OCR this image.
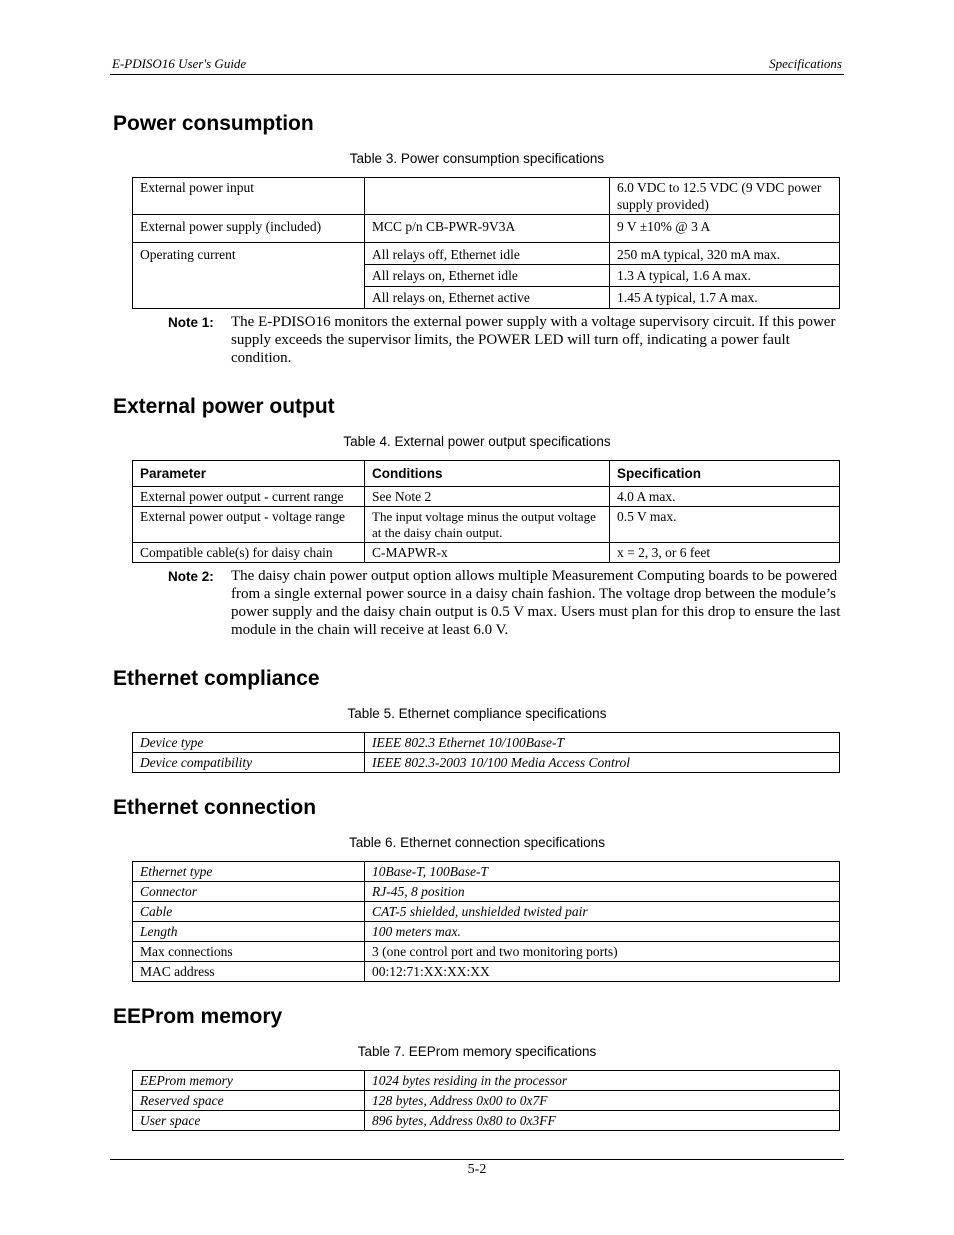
E-PDISO16 User's Guide	Specifications
Power consumption
Table 3. Power consumption specifications
External power input		6.0 VDC to 12.5 VDC (9 VDC power supply provided)
External power supply (included)	MCC p/n CB-PWR-9V3A	9 V ±10% @ 3 A
Operating current	All relays off, Ethernet idle	250 mA typical, 320 mA max.
	All relays on, Ethernet idle	1.3 A typical, 1.6 A max.
	All relays on, Ethernet active	1.45 A typical, 1.7 A max.
Note 1: The E-PDISO16 monitors the external power supply with a voltage supervisory circuit. If this power supply exceeds the supervisor limits, the POWER LED will turn off, indicating a power fault condition.
External power output
Table 4. External power output specifications
Parameter	Conditions	Specification
External power output - current range	See Note 2	4.0 A max.
External power output - voltage range	The input voltage minus the output voltage at the daisy chain output.	0.5 V max.
Compatible cable(s) for daisy chain	C-MAPWR-x	x = 2, 3, or 6 feet
Note 2: The daisy chain power output option allows multiple Measurement Computing boards to be powered from a single external power source in a daisy chain fashion. The voltage drop between the module’s power supply and the daisy chain output is 0.5 V max. Users must plan for this drop to ensure the last module in the chain will receive at least 6.0 V.
Ethernet compliance
Table 5. Ethernet compliance specifications
Device type	IEEE 802.3 Ethernet 10/100Base-T
Device compatibility	IEEE 802.3-2003 10/100 Media Access Control
Ethernet connection
Table 6. Ethernet connection specifications
Ethernet type	10Base-T, 100Base-T
Connector	RJ-45, 8 position
Cable	CAT-5 shielded, unshielded twisted pair
Length	100 meters max.
Max connections	3 (one control port and two monitoring ports)
MAC address	00:12:71:XX:XX:XX
EEProm memory
Table 7. EEProm memory specifications
EEProm memory	1024 bytes residing in the processor
Reserved space	128 bytes, Address 0x00 to 0x7F
User space	896 bytes, Address 0x80 to 0x3FF
5-2
